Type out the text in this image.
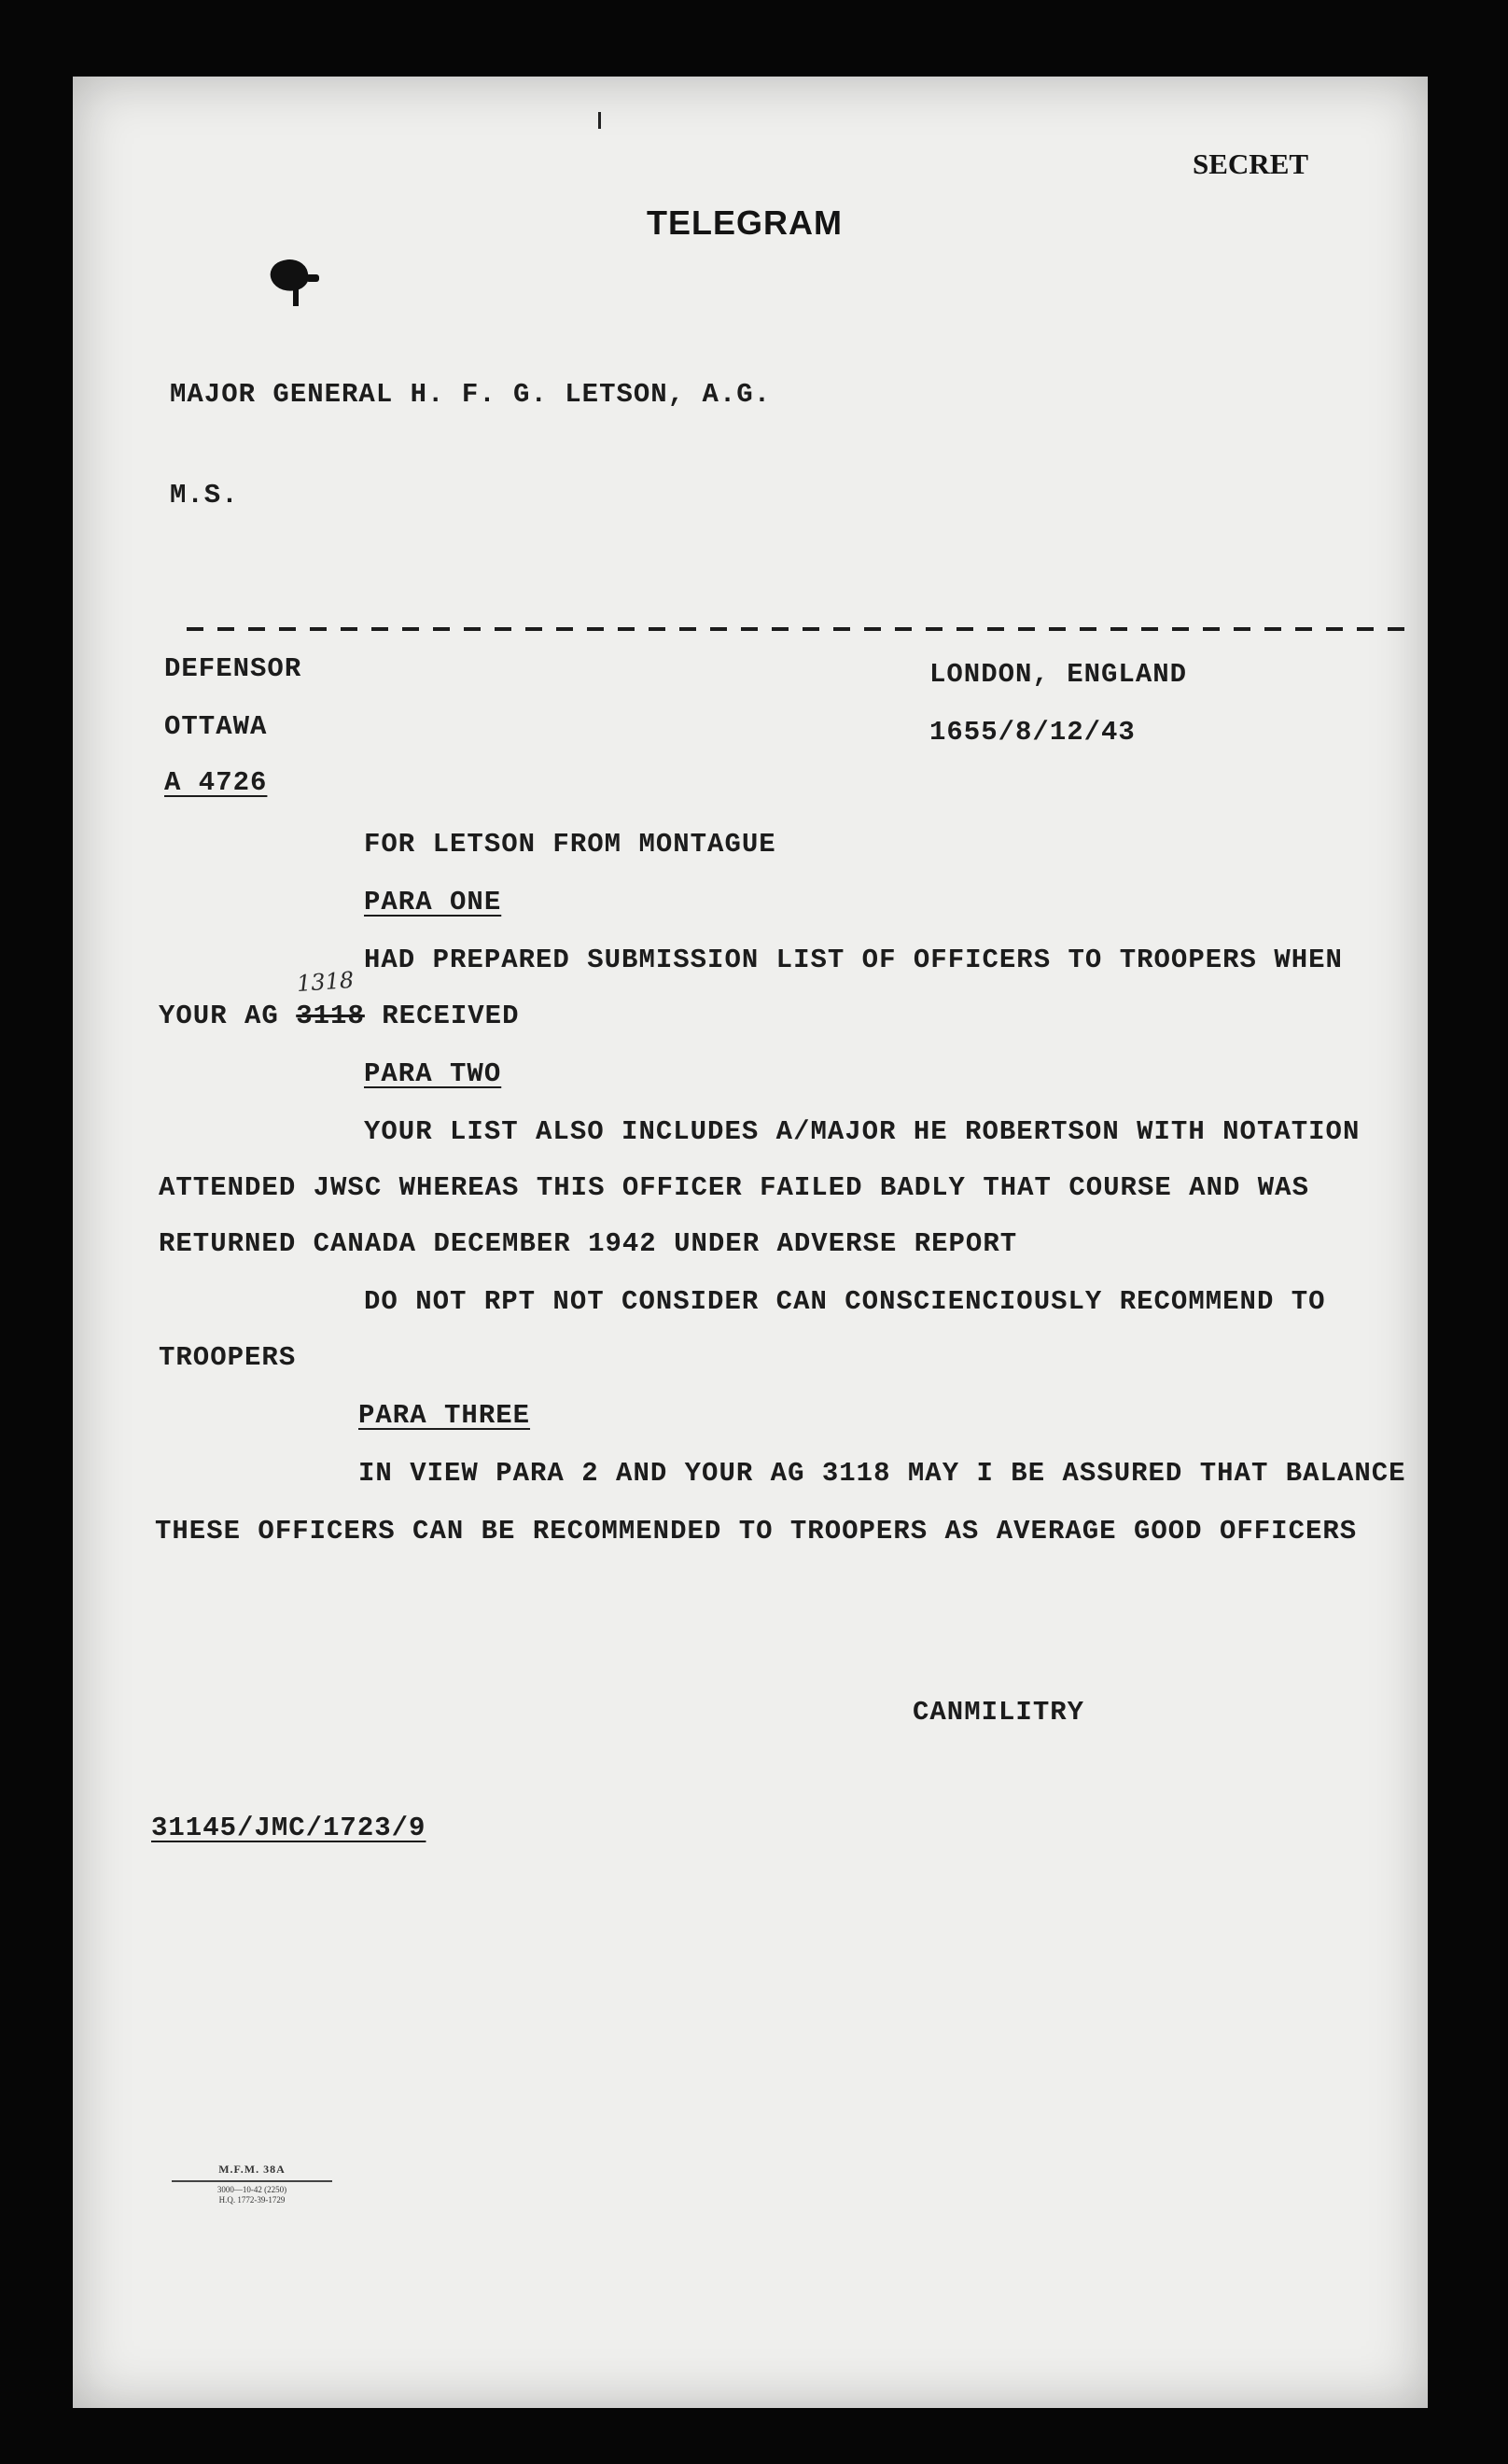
SECRET
TELEGRAM
MAJOR GENERAL H. F. G. LETSON, A.G.
M.S.
DEFENSOR
OTTAWA
A 4726
LONDON, ENGLAND
1655/8/12/43
FOR LETSON FROM MONTAGUE
PARA ONE
HAD PREPARED SUBMISSION LIST OF OFFICERS TO TROOPERS WHEN
YOUR AG 3118 RECEIVED
1318
PARA TWO
YOUR LIST ALSO INCLUDES A/MAJOR HE ROBERTSON WITH NOTATION
ATTENDED JWSC WHEREAS THIS OFFICER FAILED BADLY THAT COURSE AND WAS
RETURNED CANADA DECEMBER 1942 UNDER ADVERSE REPORT
DO NOT RPT NOT CONSIDER CAN CONSCIENCIOUSLY RECOMMEND TO
TROOPERS
PARA THREE
IN VIEW PARA 2 AND YOUR AG 3118 MAY I BE ASSURED THAT BALANCE
THESE OFFICERS CAN BE RECOMMENDED TO TROOPERS AS AVERAGE GOOD OFFICERS
CANMILITRY
31145/JMC/1723/9
M.F.M. 38A
3000—10-42 (2250)
H.Q. 1772-39-1729
